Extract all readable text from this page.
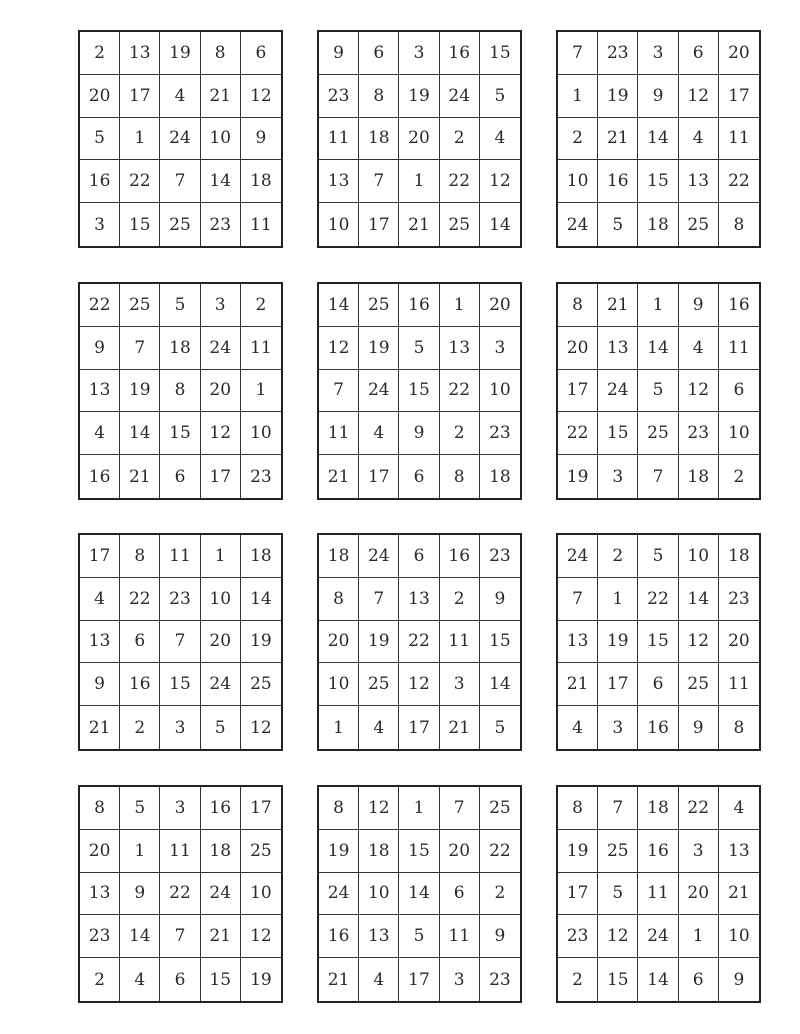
2	13	19	8	6
20	17	4	21	12
5	1	24	10	9
16	22	7	14	18
3	15	25	23	11
9	6	3	16	15
23	8	19	24	5
11	18	20	2	4
13	7	1	22	12
10	17	21	25	14
7	23	3	6	20
1	19	9	12	17
2	21	14	4	11
10	16	15	13	22
24	5	18	25	8
22	25	5	3	2
9	7	18	24	11
13	19	8	20	1
4	14	15	12	10
16	21	6	17	23
14	25	16	1	20
12	19	5	13	3
7	24	15	22	10
11	4	9	2	23
21	17	6	8	18
8	21	1	9	16
20	13	14	4	11
17	24	5	12	6
22	15	25	23	10
19	3	7	18	2
17	8	11	1	18
4	22	23	10	14
13	6	7	20	19
9	16	15	24	25
21	2	3	5	12
18	24	6	16	23
8	7	13	2	9
20	19	22	11	15
10	25	12	3	14
1	4	17	21	5
24	2	5	10	18
7	1	22	14	23
13	19	15	12	20
21	17	6	25	11
4	3	16	9	8
8	5	3	16	17
20	1	11	18	25
13	9	22	24	10
23	14	7	21	12
2	4	6	15	19
8	12	1	7	25
19	18	15	20	22
24	10	14	6	2
16	13	5	11	9
21	4	17	3	23
8	7	18	22	4
19	25	16	3	13
17	5	11	20	21
23	12	24	1	10
2	15	14	6	9
